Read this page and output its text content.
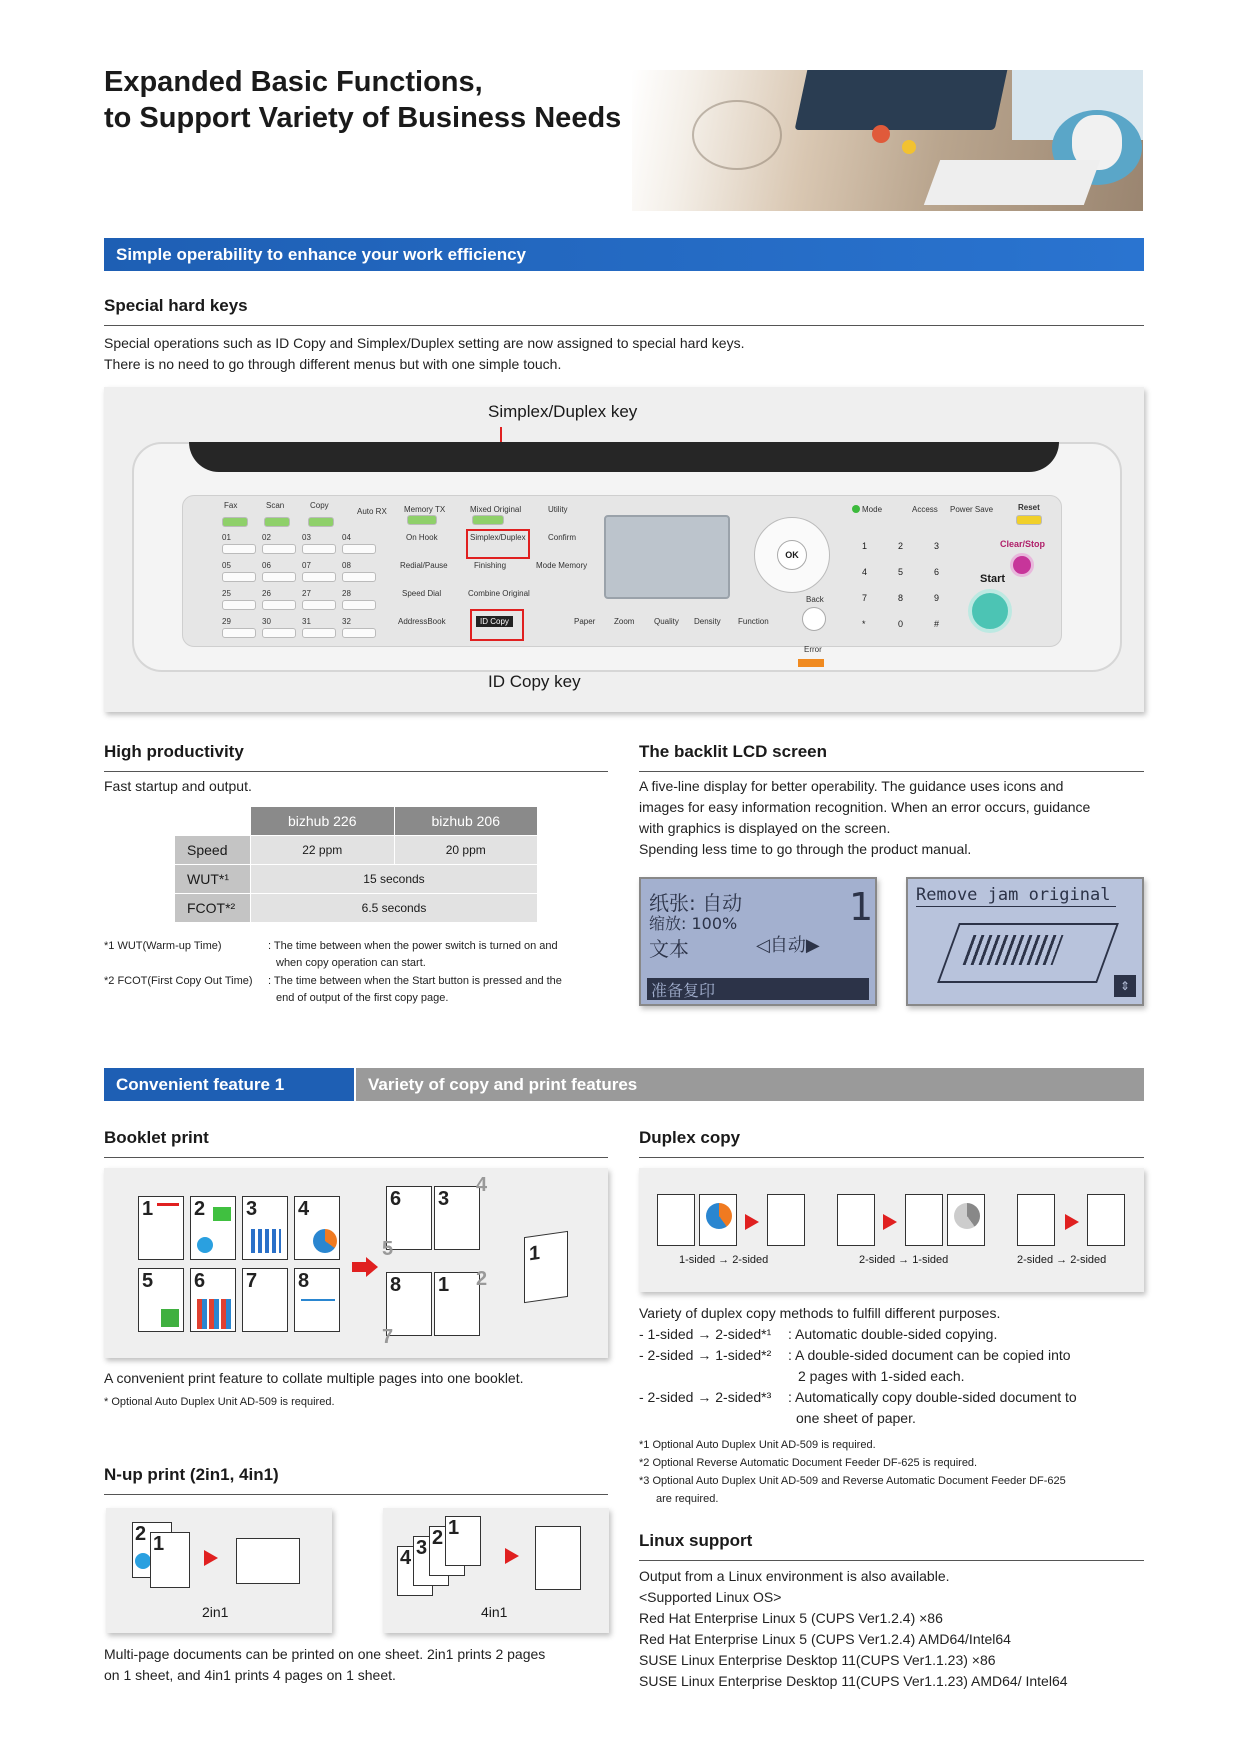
Expanded Basic Functions,
to Support Variety of Business Needs
Simple operability to enhance your work efficiency
Special hard keys
Special operations such as ID Copy and Simplex/Duplex setting are now assigned to special hard keys.
There is no need to go through different menus but with one simple touch.
Simplex/Duplex key
ID Copy key
Fax	Scan	Copy
Auto RX Memory TX	Mixed Original	Utility	Mode	Access Power Save	Reset
01	02	03	04
05	06	07	08
25	26	27	28
29	30	31	32
On Hook
Redial/Pause
Speed Dial
AddressBook
Simplex/Duplex	Confirm
Finishing	Mode Memory
Combine Original
ID Copy	Paper Zoom Quality Density Function
OK
Back
Error
1	2	3
4	5	6
7	8	9
*	0	#
Clear/Stop
Start
High productivity
Fast startup and output.
	bizhub 226	bizhub 206
Speed	22 ppm	20 ppm
WUT*¹	15 seconds	
FCOT*²	6.5 seconds	
*1 WUT(Warm-up Time)	: The time between when the power switch is turned on and
when copy operation can start.
*2 FCOT(First Copy Out Time) : The time between when the Start button is pressed and the
end of output of the first copy page.
The backlit LCD screen
A five-line display for better operability. The guidance uses icons and
images for easy information recognition. When an error occurs, guidance
with graphics is displayed on the screen.
Spending less time to go through the product manual.
纸张: 自动
缩放: 100%
文本
1
◁自动▶
准备复印
Remove jam original
⇕
Convenient feature 1	Variety of copy and print features
Booklet print
1 2 3 4
5 6 7 8
6 3
4
5
8 1 2
7
1
A convenient print feature to collate multiple pages into one booklet.
* Optional Auto Duplex Unit AD-509 is required.
Duplex copy
1-sided → 2-sided	2-sided → 1-sided	2-sided → 2-sided
Variety of duplex copy methods to fulfill different purposes.
- 1-sided → 2-sided*¹ : Automatic double-sided copying.
- 2-sided → 1-sided*² : A double-sided document can be copied into
2 pages with 1-sided each.
- 2-sided → 2-sided*³ : Automatically copy double-sided document to
one sheet of paper.
*1 Optional Auto Duplex Unit AD-509 is required.
*2 Optional Reverse Automatic Document Feeder DF-625 is required.
*3 Optional Auto Duplex Unit AD-509 and Reverse Automatic Document Feeder DF-625
are required.
N-up print (2in1, 4in1)
2 1
2in1
4 3 2 1
4in1
Multi-page documents can be printed on one sheet. 2in1 prints 2 pages
on 1 sheet, and 4in1 prints 4 pages on 1 sheet.
Linux support
Output from a Linux environment is also available.
<Supported Linux OS>
Red Hat Enterprise Linux 5 (CUPS Ver1.2.4) ×86
Red Hat Enterprise Linux 5 (CUPS Ver1.2.4) AMD64/Intel64
SUSE Linux Enterprise Desktop 11(CUPS Ver1.1.23) ×86
SUSE Linux Enterprise Desktop 11(CUPS Ver1.1.23) AMD64/ Intel64
